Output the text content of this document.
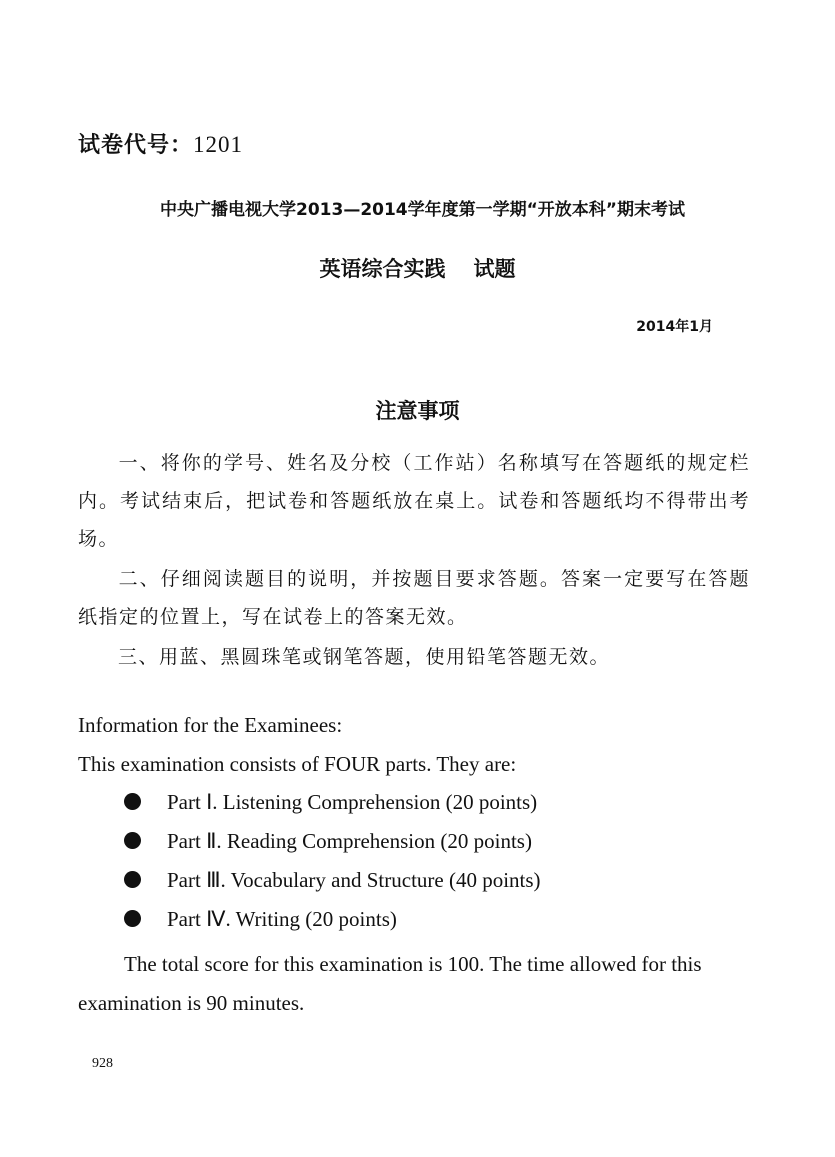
试卷代号：1201
中央广播电视大学2013—2014学年度第一学期“开放本科”期末考试
英语综合实践 试题
2014年1月
注意事项
一、将你的学号、姓名及分校（工作站）名称填写在答题纸的规定栏内。考试结束后，把试卷和答题纸放在桌上。试卷和答题纸均不得带出考场。
二、仔细阅读题目的说明，并按题目要求答题。答案一定要写在答题纸指定的位置上，写在试卷上的答案无效。
三、用蓝、黑圆珠笔或钢笔答题，使用铅笔答题无效。
Information for the Examinees:
This examination consists of FOUR parts. They are:
Part Ⅰ. Listening Comprehension (20 points)
Part Ⅱ. Reading Comprehension (20 points)
Part Ⅲ. Vocabulary and Structure (40 points)
Part Ⅳ. Writing (20 points)
The total score for this examination is 100. The time allowed for this examination is 90 minutes.
928
